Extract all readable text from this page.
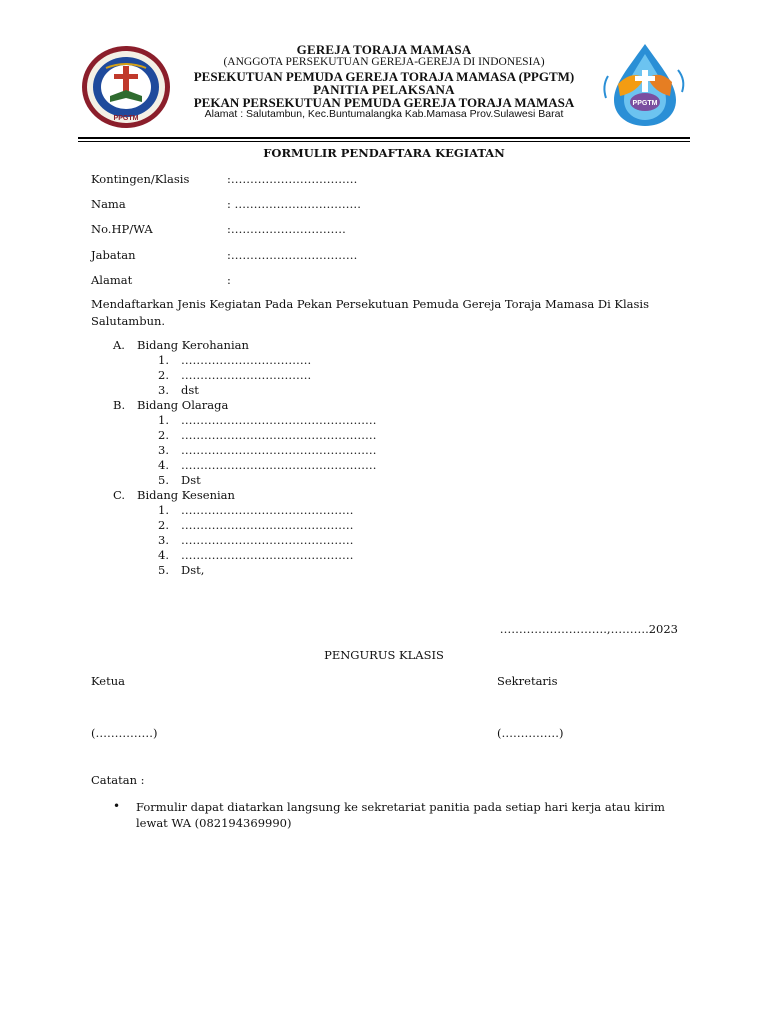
PPGTM
GEREJA TORAJA MAMASA
(ANGGOTA PERSEKUTUAN GEREJA-GEREJA DI INDONESIA)
PESEKUTUAN PEMUDA GEREJA TORAJA MAMASA (PPGTM)
PANITIA PELAKSANA
PEKAN PERSEKUTUAN PEMUDA GEREJA TORAJA MAMASA
Alamat : Salutambun, Kec.Buntumalangka Kab.Mamasa Prov.Sulawesi Barat
PPGTM
FORMULIR PENDAFTARA KEGIATAN
Kontingen/Klasis	:……………………………
Nama	: ……………………………
No.HP/WA	:…………………………
Jabatan	:……………………………
Alamat	:
Mendaftarkan Jenis Kegiatan Pada Pekan Persekutuan Pemuda Gereja Toraja Mamasa Di Klasis Salutambun.
A. Bidang Kerohanian
1. …………………………….
2. …………………………….
3. dst
B. Bidang Olaraga
1. ……………………………………………
2. ……………………………………………
3. ……………………………………………
4. ……………………………………………
5. Dst
C. Bidang Kesenian
1. ………………………………………
2. ………………………………………
3. ………………………………………
4. ………………………………………
5. Dst,
……………………….,……….2023
PENGURUS KLASIS
Ketua	Sekretaris
(……………)	(……………)
Catatan :
•	Formulir dapat diatarkan langsung ke sekretariat panitia pada setiap hari kerja atau kirim lewat WA (082194369990)
